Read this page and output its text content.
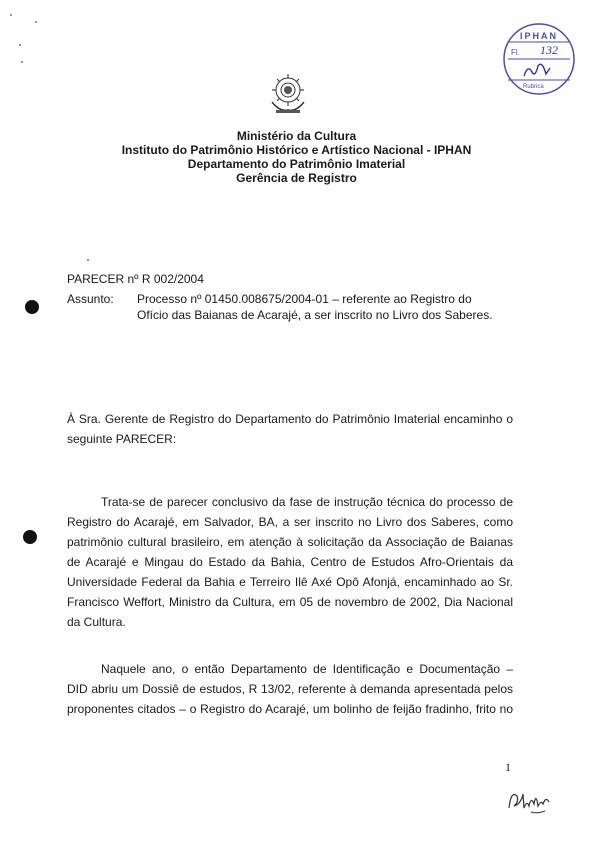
IPHAN
Fl. 132
Rubrica
Ministério da Cultura
Instituto do Patrimônio Histórico e Artístico Nacional - IPHAN
Departamento do Patrimônio Imaterial
Gerência de Registro
PARECER nº R 002/2004
Assunto: Processo nº 01450.008675/2004-01 – referente ao Registro do
Ofício das Baianas de Acarajé, a ser inscrito no Livro dos Saberes.
À Sra. Gerente de Registro do Departamento do Patrimônio Imaterial encaminho o
seguinte PARECER:
Trata-se de parecer conclusivo da fase de instrução técnica do processo de
Registro do Acarajé, em Salvador, BA, a ser inscrito no Livro dos Saberes, como
patrimônio cultural brasileiro, em atenção à solicitação da Associação de Baianas
de Acarajé e Mingau do Estado da Bahia, Centro de Estudos Afro-Orientais da
Universidade Federal da Bahia e Terreiro Ilê Axé Opô Afonjá, encaminhado ao Sr.
Francisco Weffort, Ministro da Cultura, em 05 de novembro de 2002, Dia Nacional
da Cultura.
Naquele ano, o então Departamento de Identificação e Documentação –
DID abriu um Dossiê de estudos, R 13/02, referente à demanda apresentada pelos
proponentes citados – o Registro do Acarajé, um bolinho de feijão fradinho, frito no
1
